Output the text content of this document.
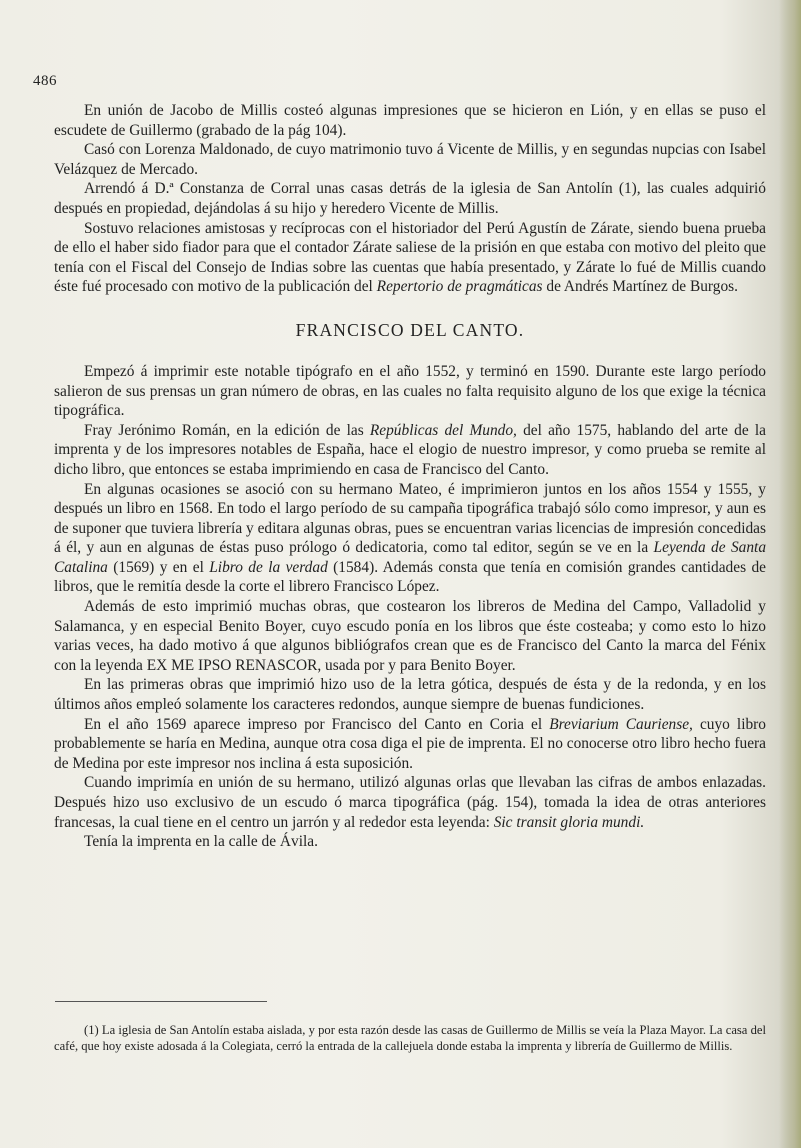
486

En unión de Jacobo de Millis costeó algunas impresiones que se hicieron en Lión, y en ellas se puso el escudete de Guillermo (grabado de la pág 104).

Casó con Lorenza Maldonado, de cuyo matrimonio tuvo á Vicente de Millis, y en segundas nupcias con Isabel Velázquez de Mercado.

Arrendó á D.ª Constanza de Corral unas casas detrás de la iglesia de San Antolín (1), las cuales adquirió después en propiedad, dejándolas á su hijo y heredero Vicente de Millis.

Sostuvo relaciones amistosas y recíprocas con el historiador del Perú Agustín de Zárate, siendo buena prueba de ello el haber sido fiador para que el contador Zárate saliese de la prisión en que estaba con motivo del pleito que tenía con el Fiscal del Consejo de Indias sobre las cuentas que había presentado, y Zárate lo fué de Millis cuando éste fué procesado con motivo de la publicación del Repertorio de pragmáticas de Andrés Martínez de Burgos.

FRANCISCO DEL CANTO.

Empezó á imprimir este notable tipógrafo en el año 1552, y terminó en 1590. Durante este largo período salieron de sus prensas un gran número de obras, en las cuales no falta requisito alguno de los que exige la técnica tipográfica.

Fray Jerónimo Román, en la edición de las Repúblicas del Mundo, del año 1575, hablando del arte de la imprenta y de los impresores notables de España, hace el elogio de nuestro impresor, y como prueba se remite al dicho libro, que entonces se estaba imprimiendo en casa de Francisco del Canto.

En algunas ocasiones se asoció con su hermano Mateo, é imprimieron juntos en los años 1554 y 1555, y después un libro en 1568. En todo el largo período de su campaña tipográfica trabajó sólo como impresor, y aun es de suponer que tuviera librería y editara algunas obras, pues se encuentran varias licencias de impresión concedidas á él, y aun en algunas de éstas puso prólogo ó dedicatoria, como tal editor, según se ve en la Leyenda de Santa Catalina (1569) y en el Libro de la verdad (1584). Además consta que tenía en comisión grandes cantidades de libros, que le remitía desde la corte el librero Francisco López.

Además de esto imprimió muchas obras, que costearon los libreros de Medina del Campo, Valladolid y Salamanca, y en especial Benito Boyer, cuyo escudo ponía en los libros que éste costeaba; y como esto lo hizo varias veces, ha dado motivo á que algunos bibliógrafos crean que es de Francisco del Canto la marca del Fénix con la leyenda EX ME IPSO RENASCOR, usada por y para Benito Boyer.

En las primeras obras que imprimió hizo uso de la letra gótica, después de ésta y de la redonda, y en los últimos años empleó solamente los caracteres redondos, aunque siempre de buenas fundiciones.

En el año 1569 aparece impreso por Francisco del Canto en Coria el Breviarium Cauriense, cuyo libro probablemente se haría en Medina, aunque otra cosa diga el pie de imprenta. El no conocerse otro libro hecho fuera de Medina por este impresor nos inclina á esta suposición.

Cuando imprimía en unión de su hermano, utilizó algunas orlas que llevaban las cifras de ambos enlazadas. Después hizo uso exclusivo de un escudo ó marca tipográfica (pág. 154), tomada la idea de otras anteriores francesas, la cual tiene en el centro un jarrón y al rededor esta leyenda: Sic transit gloria mundi.

Tenía la imprenta en la calle de Ávila.

(1) La iglesia de San Antolín estaba aislada, y por esta razón desde las casas de Guillermo de Millis se veía la Plaza Mayor. La casa del café, que hoy existe adosada á la Colegiata, cerró la entrada de la callejuela donde estaba la imprenta y librería de Guillermo de Millis.
